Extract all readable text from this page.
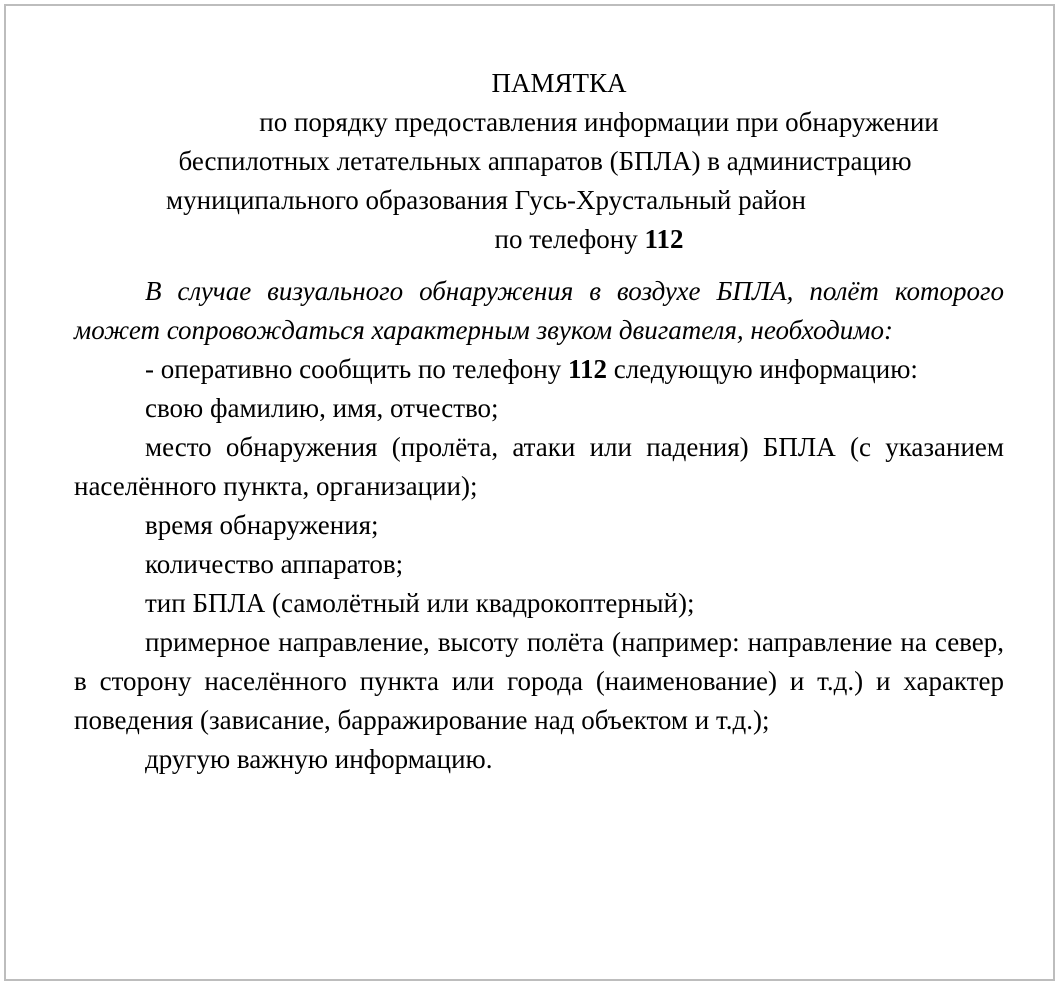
ПАМЯТКА
по порядку предоставления информации при обнаружении
беспилотных летательных аппаратов (БПЛА) в администрацию
муниципального образования Гусь-Хрустальный район
по телефону 112

В случае визуального обнаружения в воздухе БПЛА, полёт которого может сопровождаться характерным звуком двигателя, необходимо:

- оперативно сообщить по телефону 112 следующую информацию:

свою фамилию, имя, отчество;

место обнаружения (пролёта, атаки или падения) БПЛА (с указанием населённого пункта, организации);

время обнаружения;

количество аппаратов;

тип БПЛА (самолётный или квадрокоптерный);

примерное направление, высоту полёта (например: направление на север, в сторону населённого пункта или города (наименование) и т.д.) и характер поведения (зависание, барражирование над объектом и т.д.);

другую важную информацию.
